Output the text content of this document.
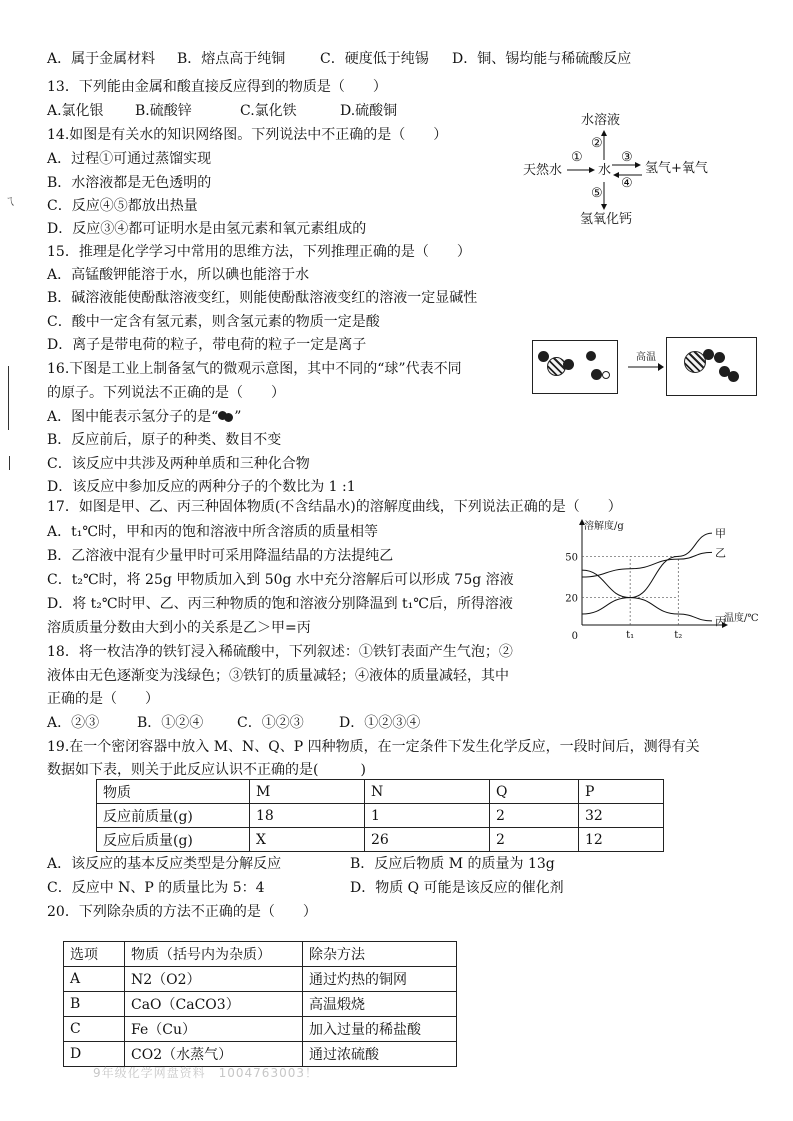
A．属于金属材料 B．熔点高于纯铜 C．硬度低于纯锡 D．铜、锡均能与稀硫酸反应
13．下列能由金属和酸直接反应得到的物质是（　　）
A.氯化银 B.硫酸锌	C.氯化铁	D.硫酸铜
14.如图是有关水的知识网络图。下列说法中不正确的是（　　）
A．过程①可通过蒸馏实现
B．水溶液都是无色透明的
C．反应④⑤都放出热量
D．反应③④都可证明水是由氢元素和氧元素组成的
水溶液
天然水	水	氢气+氧气
氢氧化钙
②
①	③
④
⑤
15．推理是化学学习中常用的思维方法，下列推理正确的是（　　）
A．高锰酸钾能溶于水，所以碘也能溶于水
B．碱溶液能使酚酞溶液变红，则能使酚酞溶液变红的溶液一定显碱性
C．酸中一定含有氢元素，则含氢元素的物质一定是酸
D．离子是带电荷的粒子，带电荷的粒子一定是离子
16.下图是工业上制备氢气的微观示意图，其中不同的“球”代表不同
的原子。下列说法不正确的是（　　）
A．图中能表示氢分子的是“ ”
B．反应前后，原子的种类、数目不变
C．该反应中共涉及两种单质和三种化合物
D．该反应中参加反应的两种分子的个数比为 1 :1
高温
17．如图是甲、乙、丙三种固体物质(不含结晶水)的溶解度曲线，下列说法正确的是（　　）
A．t₁℃时，甲和丙的饱和溶液中所含溶质的质量相等
B．乙溶液中混有少量甲时可采用降温结晶的方法提纯乙
C．t₂℃时，将 25g 甲物质加入到 50g 水中充分溶解后可以形成 75g 溶液
D．将 t₂℃时甲、乙、丙三种物质的饱和溶液分别降温到 t₁℃后，所得溶液
溶质质量分数由大到小的关系是乙＞甲=丙
50
20
0	t₁	t₂
甲
乙
丙
溶解度/g
温度/℃
18．将一枚洁净的铁钉浸入稀硫酸中，下列叙述：①铁钉表面产生气泡；②
液体由无色逐渐变为浅绿色；③铁钉的质量减轻；④液体的质量减轻，其中
正确的是（　　）
A．②③	B．①②④ C．①②③	D．①②③④
19.在一个密闭容器中放入 M、N、Q、P 四种物质，在一定条件下发生化学反应，一段时间后，测得有关
数据如下表，则关于此反应认识不正确的是(　　　)
物质	M	N	Q	P
反应前质量(g)	18	1	2	32
反应后质量(g)	X	26	2	12
A．该反应的基本反应类型是分解反应	B．反应后物质 M 的质量为 13g
C．反应中 N、P 的质量比为 5：4	D．物质 Q 可能是该反应的催化剂
20．下列除杂质的方法不正确的是（　　）
选项	物质（括号内为杂质）	除杂方法
A	N2（O2）	通过灼热的铜网
B	CaO（CaCO3）	高温煅烧
C	Fe（Cu）	加入过量的稀盐酸
D	CO2（水蒸气）	通过浓硫酸
9年级化学网盘资料　1004763003！
ㄟ
